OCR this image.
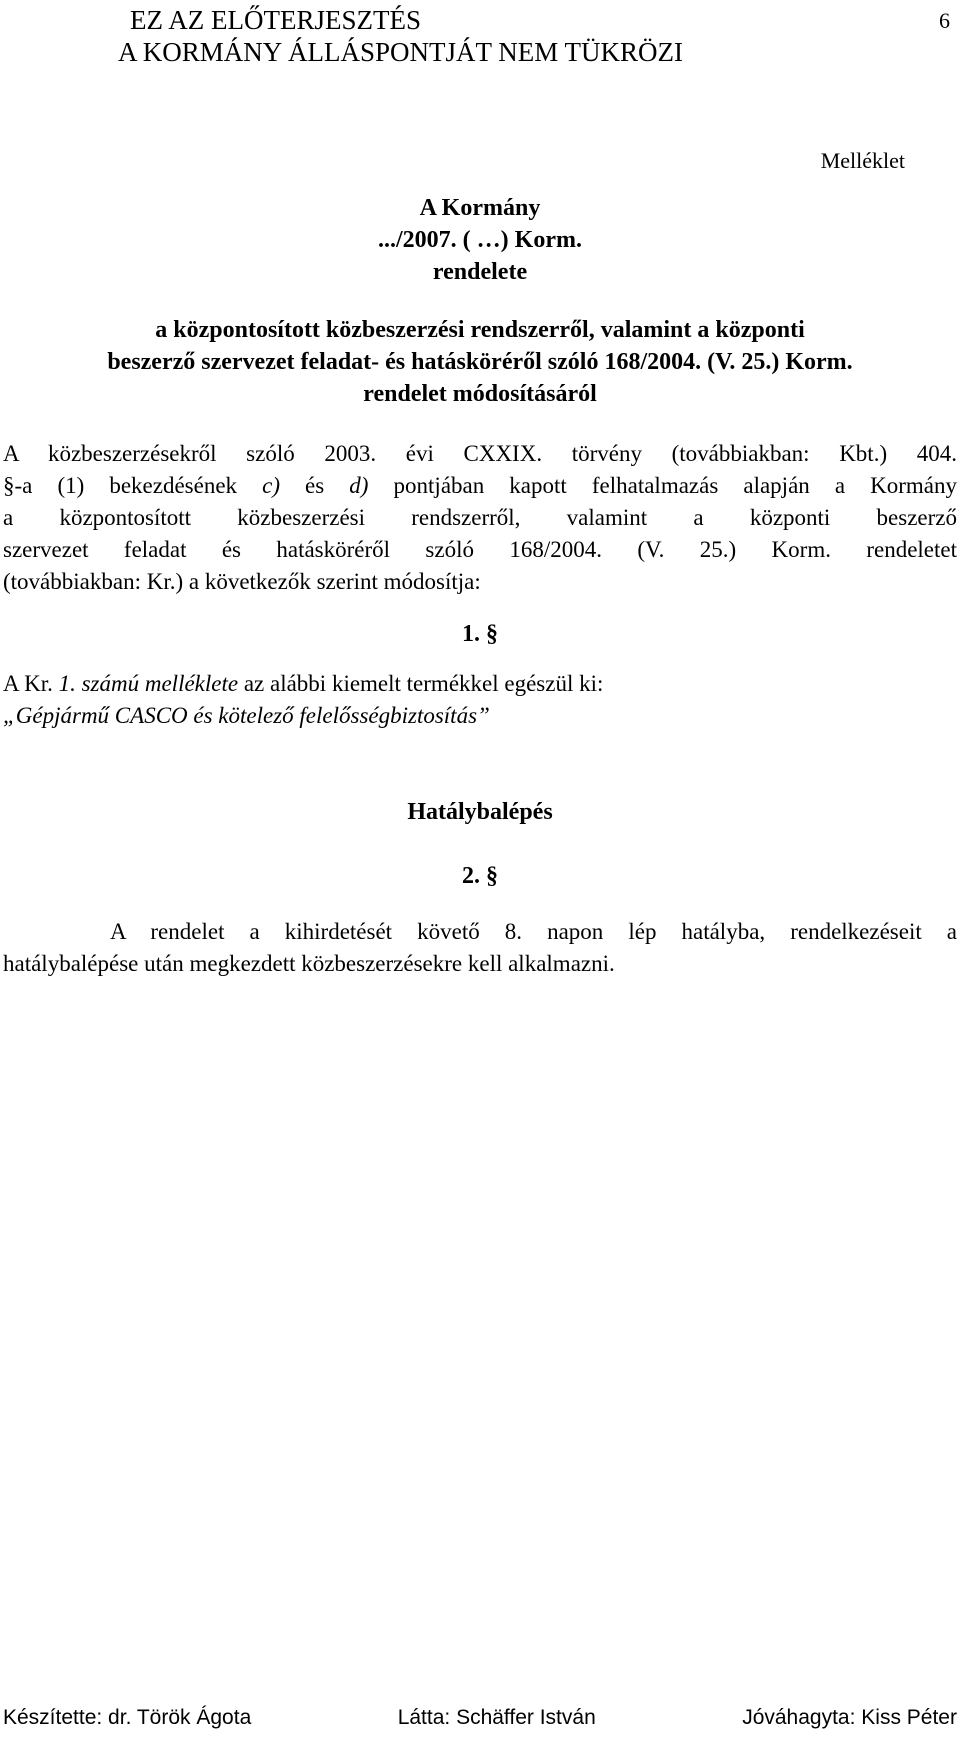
EZ AZ ELŐTERJESZTÉS
A KORMÁNY ÁLLÁSPONTJÁT NEM TÜKRÖZI
6
Melléklet
A Kormány
.../2007. ( …) Korm.
rendelete
a központosított közbeszerzési rendszerről, valamint a központi
beszerző szervezet feladat- és hatásköréről szóló 168/2004. (V. 25.) Korm.
rendelet módosításáról
A közbeszerzésekről szóló 2003. évi CXXIX. törvény (továbbiakban: Kbt.) 404.
§-a (1) bekezdésének c) és d) pontjában kapott felhatalmazás alapján a Kormány
a központosított közbeszerzési rendszerről, valamint a központi beszerző
szervezet feladat és hatásköréről szóló 168/2004. (V. 25.) Korm. rendeletet
(továbbiakban: Kr.) a következők szerint módosítja:
1. §
A Kr. 1. számú melléklete az alábbi kiemelt termékkel egészül ki:
„Gépjármű CASCO és kötelező felelősségbiztosítás”
Hatálybalépés
2. §
A rendelet a kihirdetését követő 8. napon lép hatályba, rendelkezéseit a
hatálybalépése után megkezdett közbeszerzésekre kell alkalmazni.
Készítette: dr. Török Ágota	Látta: Schäffer István	Jóváhagyta: Kiss Péter
